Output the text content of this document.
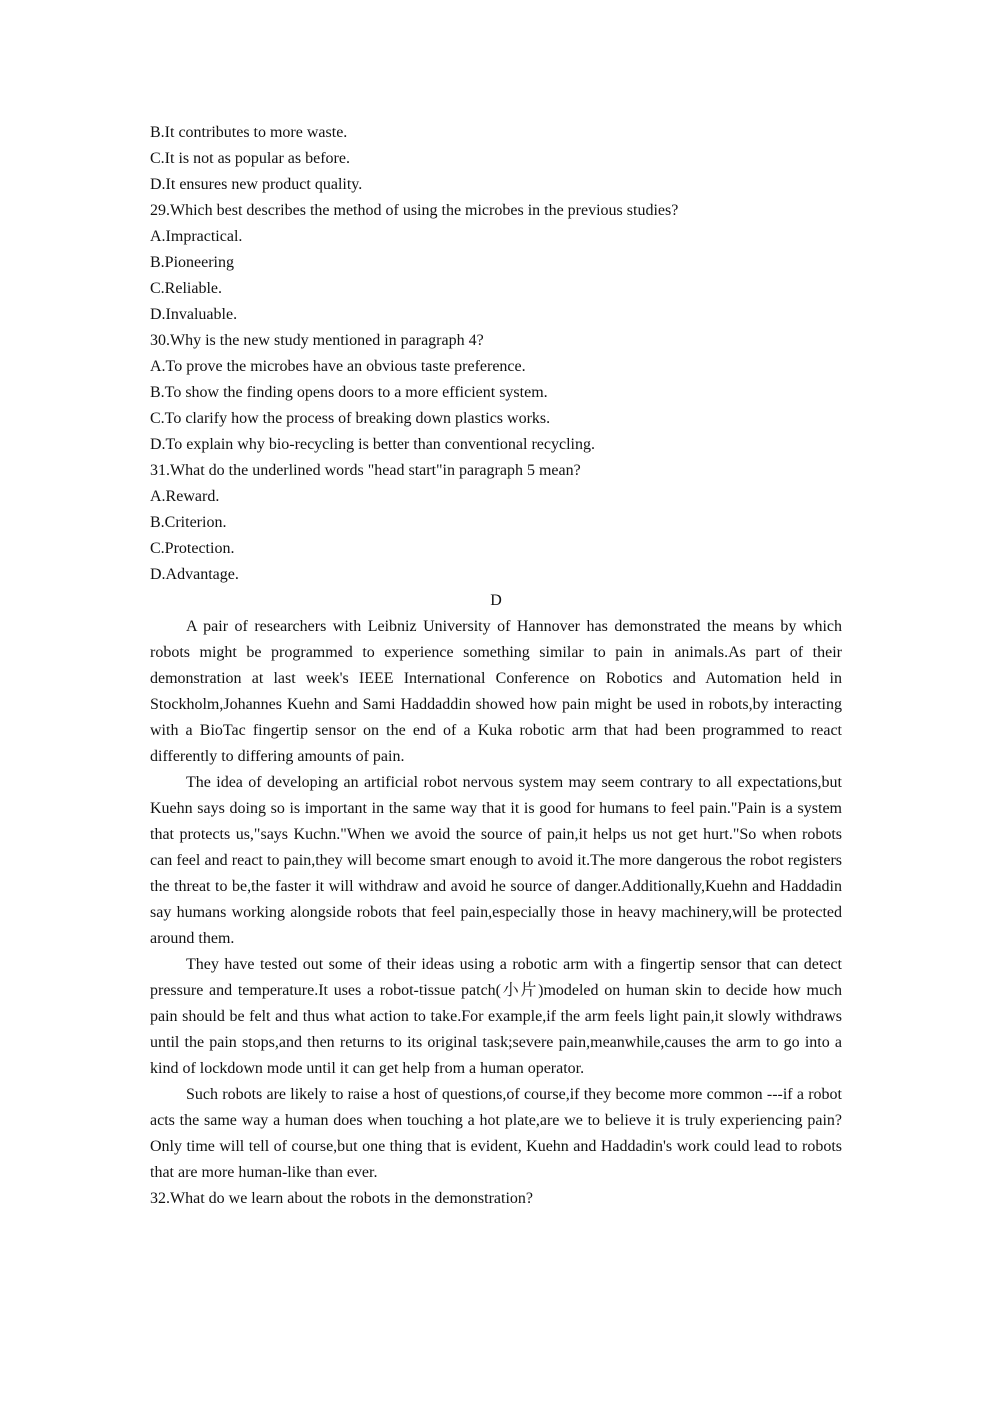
B.It contributes to more waste.

C.It is not as popular as before.

D.It ensures new product quality.

29.Which best describes the method of using the microbes in the previous studies?

A.Impractical.

B.Pioneering

C.Reliable.

D.Invaluable.

30.Why is the new study mentioned in paragraph 4?

A.To prove the microbes have an obvious taste preference.

B.To show the finding opens doors to a more efficient system.

C.To clarify how the process of breaking down plastics works.

D.To explain why bio-recycling is better than conventional recycling.

31.What do the underlined words "head start"in paragraph 5 mean?

A.Reward.

B.Criterion.

C.Protection.

D.Advantage.

D

A pair of researchers with Leibniz University of Hannover has demonstrated the means by which robots might be programmed to experience something similar to pain in animals.As part of their demonstration at last week's IEEE International Conference on Robotics and Automation held in Stockholm,Johannes Kuehn and Sami Haddaddin showed how pain might be used in robots,by interacting with a BioTac fingertip sensor on the end of a Kuka robotic arm that had been programmed to react differently to differing amounts of pain.

The idea of developing an artificial robot nervous system may seem contrary to all expectations,but Kuehn says doing so is important in the same way that it is good for humans to feel pain."Pain is a system that protects us,"says Kuchn."When we avoid the source of pain,it helps us not get hurt."So when robots can feel and react to pain,they will become smart enough to avoid it.The more dangerous the robot registers the threat to be,the faster it will withdraw and avoid he source of danger.Additionally,Kuehn and Haddadin say humans working alongside robots that feel pain,especially those in heavy machinery,will be protected around them.

They have tested out some of their ideas using a robotic arm with a fingertip sensor that can detect pressure and temperature.It uses a robot-tissue patch(小片)modeled on human skin to decide how much pain should be felt and thus what action to take.For example,if the arm feels light pain,it slowly withdraws until the pain stops,and then returns to its original task;severe pain,meanwhile,causes the arm to go into a kind of lockdown mode until it can get help from a human operator.

Such robots are likely to raise a host of questions,of course,if they become more common ---if a robot acts the same way a human does when touching a hot plate,are we to believe it is truly experiencing pain?Only time will tell of course,but one thing that is evident, Kuehn and Haddadin's work could lead to robots that are more human-like than ever.

32.What do we learn about the robots in the demonstration?
